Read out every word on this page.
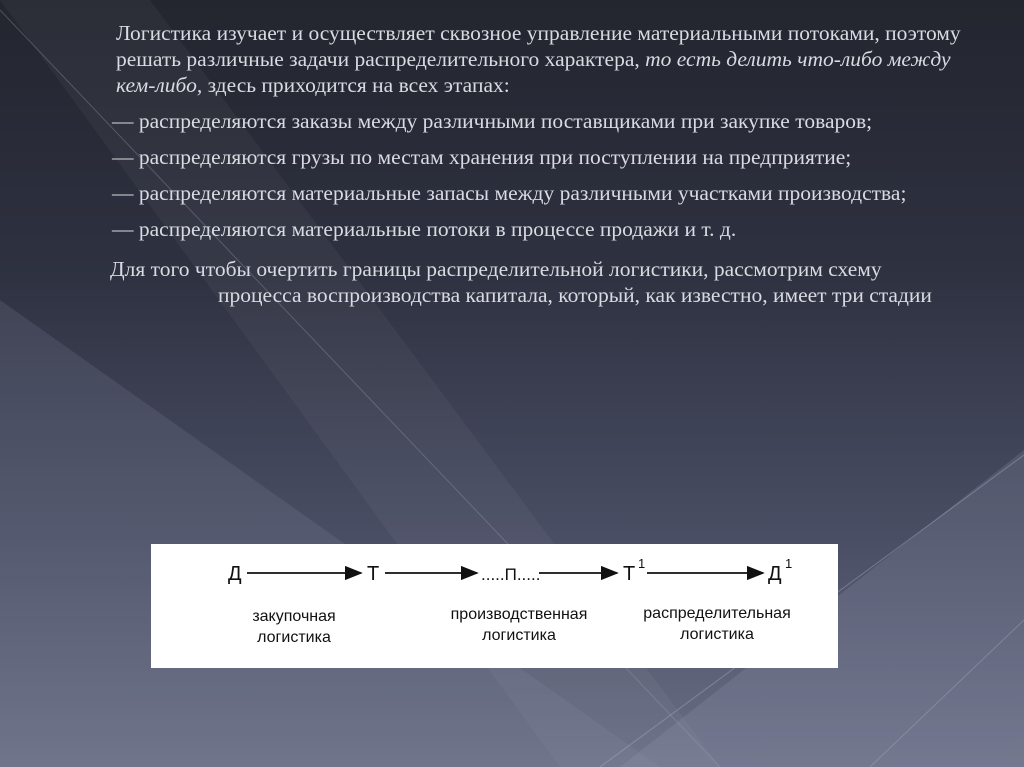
Логистика изучает и осуществляет сквозное управление материальными потоками, поэтому решать различные задачи распределительного характера, то есть делить что-либо между кем-либо, здесь приходится на всех этапах:

— распределяются заказы между различными поставщиками при закупке товаров;

— распределяются грузы по местам хранения при поступлении на предприятие;

— распределяются материальные запасы между различными участками производства;

— распределяются материальные потоки в процессе продажи и т. д.

Для того чтобы очертить границы распределительной логистики, рассмотрим схему процесса воспроизводства капитала, который, как известно, имеет три стадии

Д	Т	.....П.....	Т 1	Д 1
закупочная
логистика
производственная
логистика
распределительная
логистика
